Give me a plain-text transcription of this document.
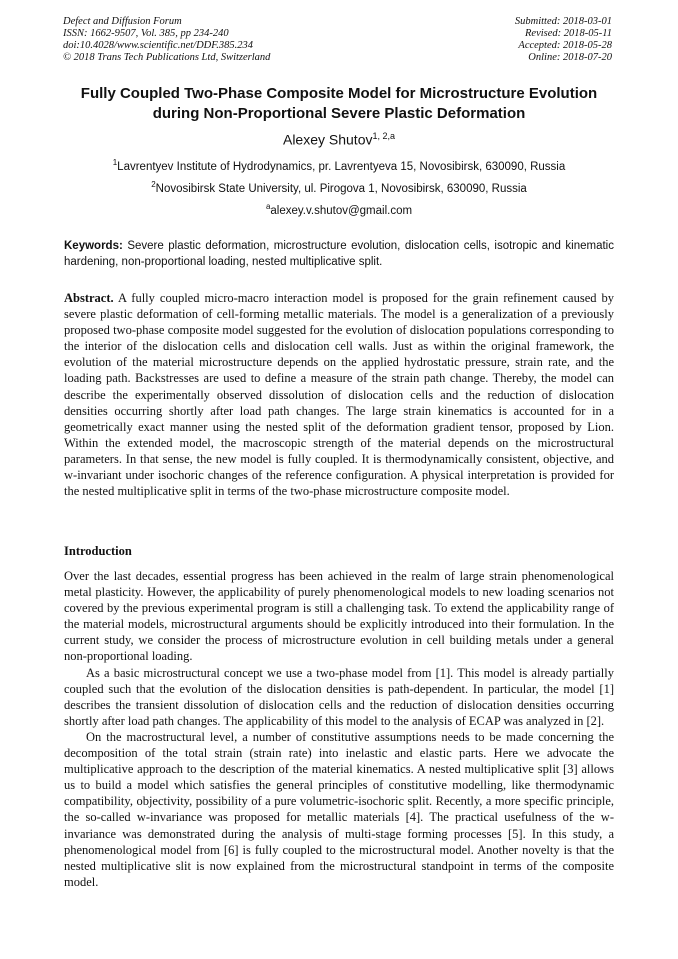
Defect and Diffusion Forum
ISSN: 1662-9507, Vol. 385, pp 234-240
doi:10.4028/www.scientific.net/DDF.385.234
© 2018 Trans Tech Publications Ltd, Switzerland
Submitted: 2018-03-01
Revised: 2018-05-11
Accepted: 2018-05-28
Online: 2018-07-20
Fully Coupled Two-Phase Composite Model for Microstructure Evolution
during Non-Proportional Severe Plastic Deformation
Alexey Shutov$^{1, 2,a}$
$^1$Lavrentyev Institute of Hydrodynamics, pr. Lavrentyeva 15, Novosibirsk, 630090, Russia
$^2$Novosibirsk State University, ul. Pirogova 1, Novosibirsk, 630090, Russia
$^a$alexey.v.shutov@gmail.com
Keywords: Severe plastic deformation, microstructure evolution, dislocation cells, isotropic and kinematic hardening, non-proportional loading, nested multiplicative split.
Abstract. A fully coupled micro-macro interaction model is proposed for the grain refinement caused by severe plastic deformation of cell-forming metallic materials. The model is a generalization of a previously proposed two-phase composite model suggested for the evolution of dislocation populations corresponding to the interior of the dislocation cells and dislocation cell walls. Just as within the original framework, the evolution of the material microstructure depends on the applied hydrostatic pressure, strain rate, and the loading path. Backstresses are used to define a measure of the strain path change. Thereby, the model can describe the experimentally observed dissolution of dislocation cells and the reduction of dislocation densities occurring shortly after load path changes. The large strain kinematics is accounted for in a geometrically exact manner using the nested split of the deformation gradient tensor, proposed by Lion. Within the extended model, the macroscopic strength of the material depends on the microstructural parameters. In that sense, the new model is fully coupled. It is thermodynamically consistent, objective, and w-invariant under isochoric changes of the reference configuration. A physical interpretation is provided for the nested multiplicative split in terms of the two-phase microstructure composite model.
Introduction

Over the last decades, essential progress has been achieved in the realm of large strain phenomenological metal plasticity. However, the applicability of purely phenomenological models to new loading scenarios not covered by the previous experimental program is still a challenging task. To extend the applicability range of the material models, microstructural arguments should be explicitly introduced into their formulation. In the current study, we consider the process of microstructure evolution in cell building metals under a general non-proportional loading.

As a basic microstructural concept we use a two-phase model from [1]. This model is already partially coupled such that the evolution of the dislocation densities is path-dependent. In particular, the model [1] describes the transient dissolution of dislocation cells and the reduction of dislocation densities occurring shortly after load path changes. The applicability of this model to the analysis of ECAP was analyzed in [2].

On the macrostructural level, a number of constitutive assumptions needs to be made concerning the decomposition of the total strain (strain rate) into inelastic and elastic parts. Here we advocate the multiplicative approach to the description of the material kinematics. A nested multiplicative split [3] allows us to build a model which satisfies the general principles of constitutive modelling, like thermodynamic compatibility, objectivity, possibility of a pure volumetric-isochoric split. Recently, a more specific principle, the so-called w-invariance was proposed for metallic materials [4]. The practical usefulness of the w-invariance was demonstrated during the analysis of multi-stage forming processes [5]. In this study, a phenomenological model from [6] is fully coupled to the microstructural model. Another novelty is that the nested multiplicative slit is now explained from the microstructural standpoint in terms of the composite model.
